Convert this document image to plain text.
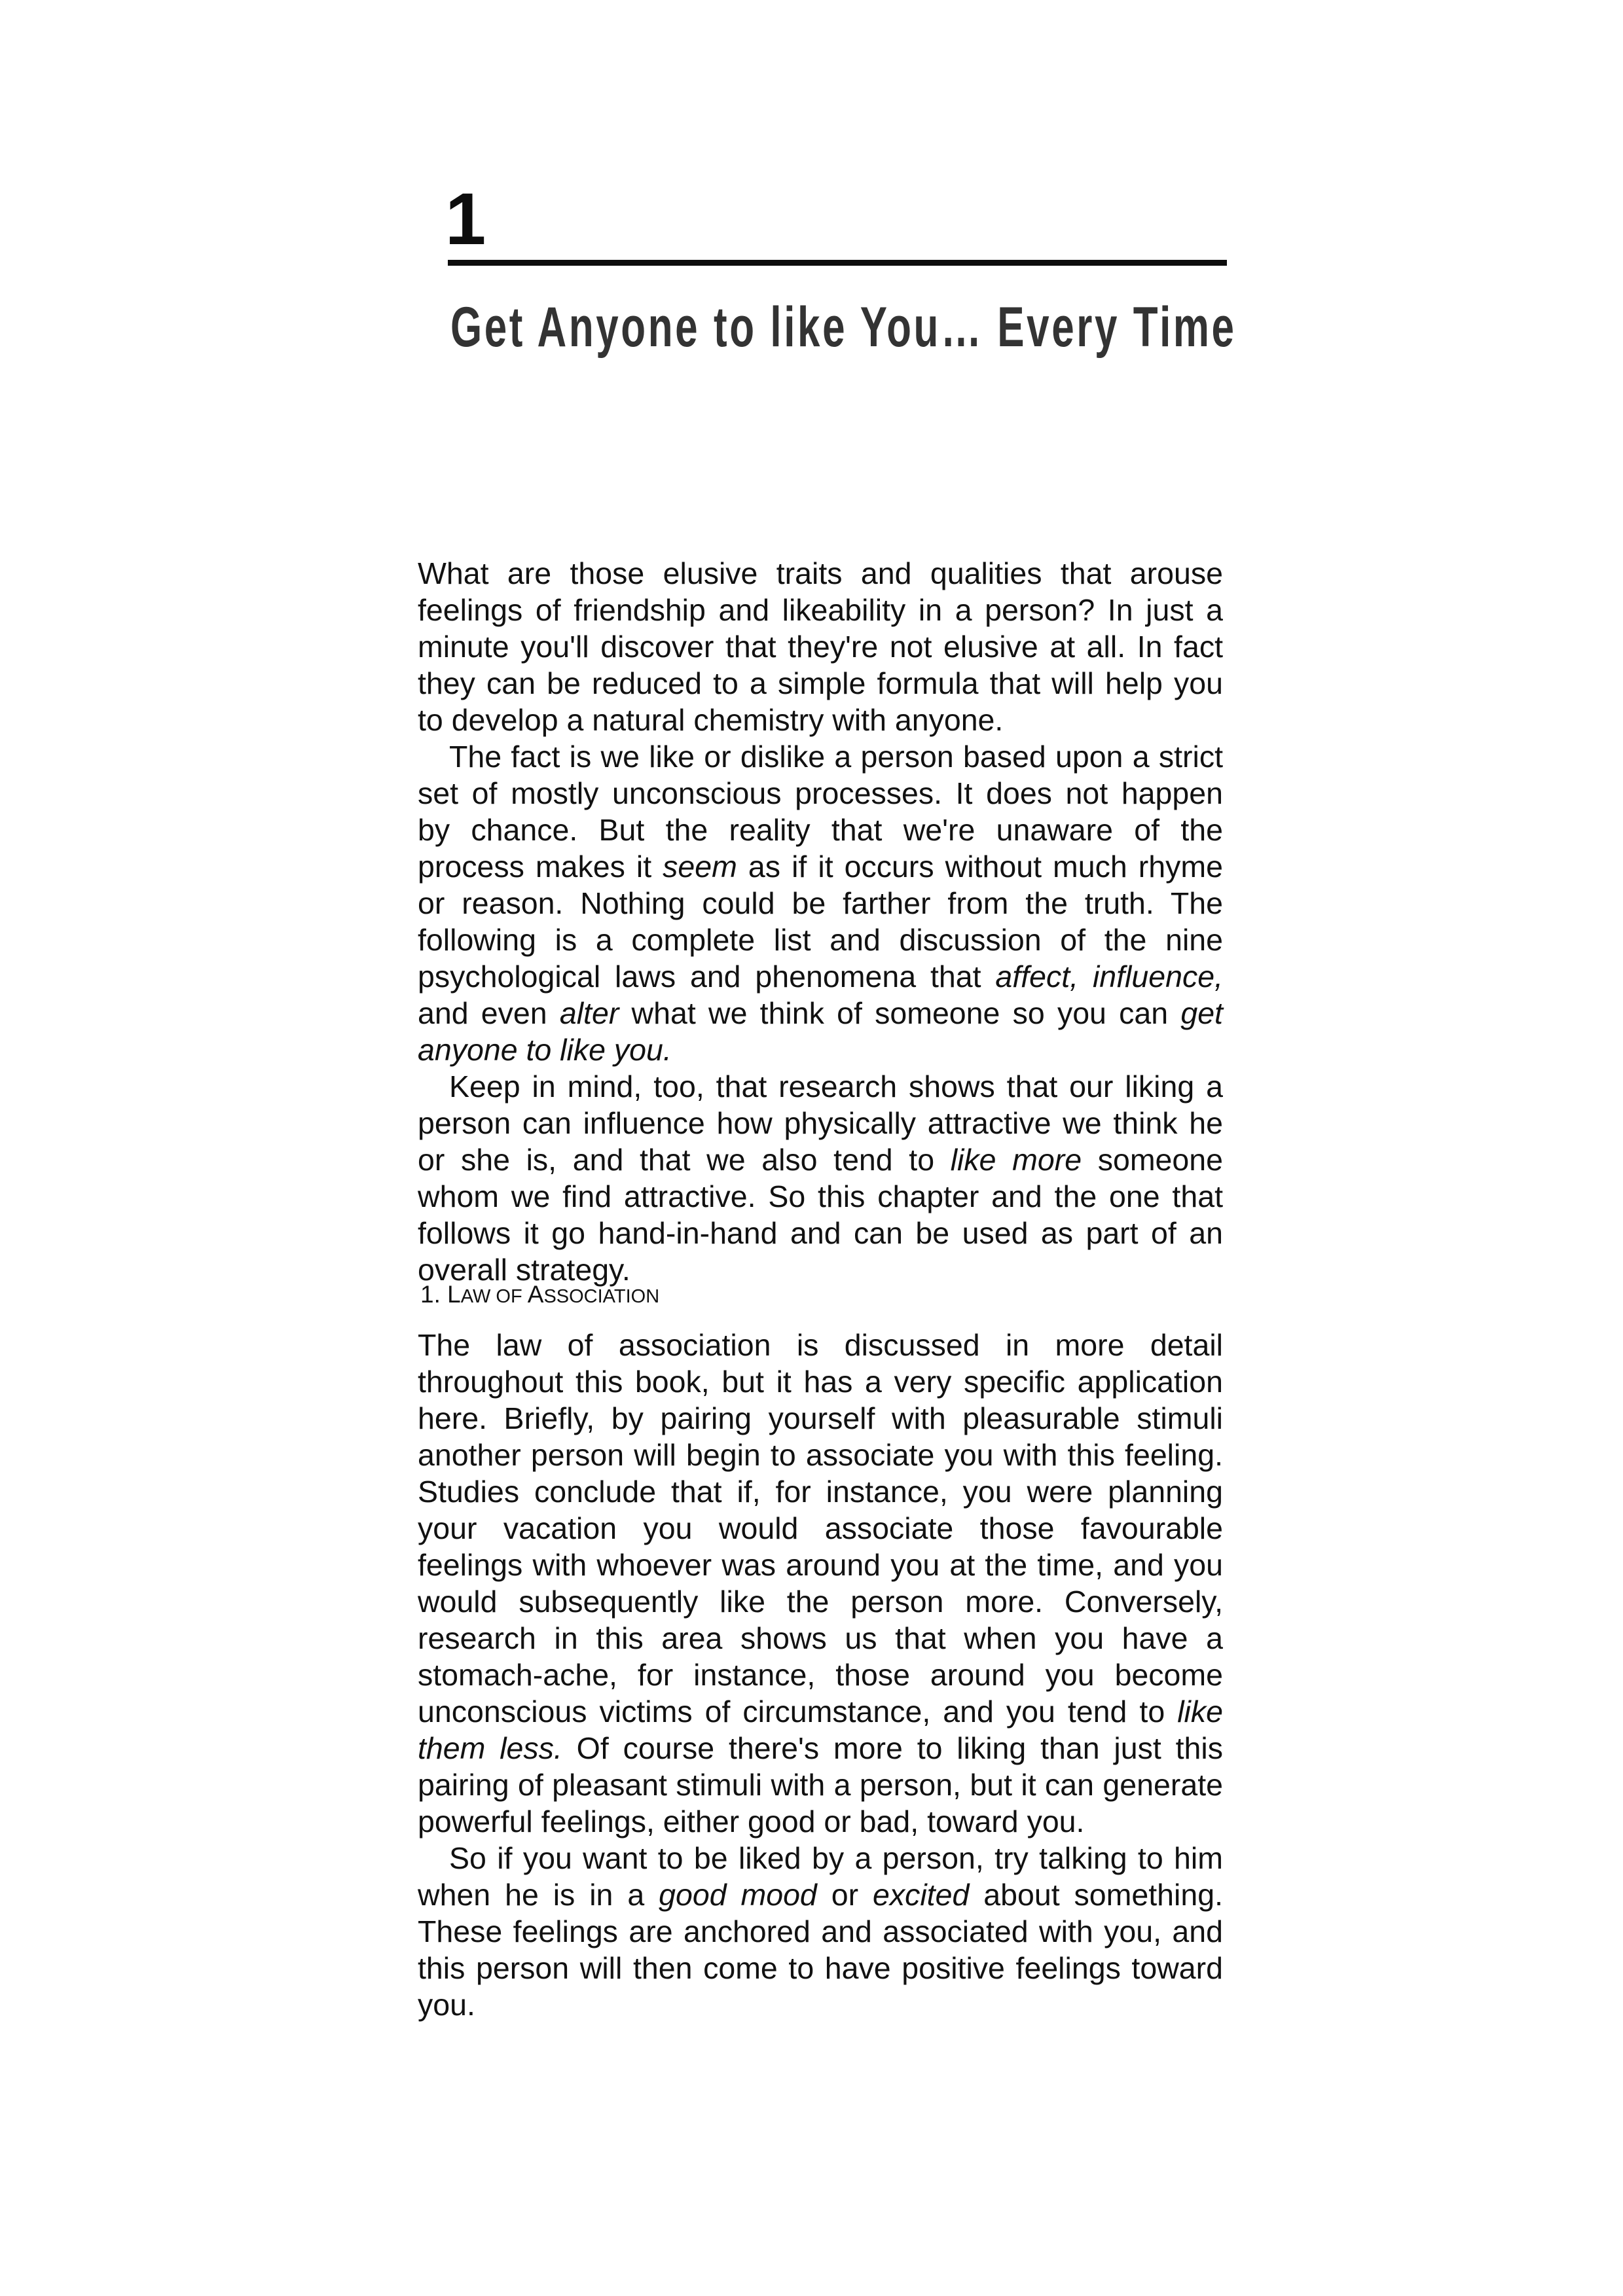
1
Get Anyone to like You… Every Time

What are those elusive traits and qualities that arouse feelings of friendship and likeability in a person? In just a minute you'll discover that they're not elusive at all. In fact they can be reduced to a simple formula that will help you to develop a natural chemistry with anyone.

The fact is we like or dislike a person based upon a strict set of mostly unconscious processes. It does not happen by chance. But the reality that we're unaware of the process makes it seem as if it occurs without much rhyme or reason. Nothing could be farther from the truth. The following is a complete list and discussion of the nine psychological laws and phenomena that affect, influence, and even alter what we think of someone so you can get anyone to like you.

Keep in mind, too, that research shows that our liking a person can influence how physically attractive we think he or she is, and that we also tend to like more someone whom we find attractive. So this chapter and the one that follows it go hand-in-hand and can be used as part of an overall strategy.

1. LAW OF ASSOCIATION

The law of association is discussed in more detail throughout this book, but it has a very specific application here. Briefly, by pairing yourself with pleasurable stimuli another person will begin to associate you with this feeling. Studies conclude that if, for instance, you were planning your vacation you would associate those favourable feelings with whoever was around you at the time, and you would subsequently like the person more. Conversely, research in this area shows us that when you have a stomach-ache, for instance, those around you become unconscious victims of circumstance, and you tend to like them less. Of course there's more to liking than just this pairing of pleasant stimuli with a person, but it can generate powerful feelings, either good or bad, toward you.

So if you want to be liked by a person, try talking to him when he is in a good mood or excited about something. These feelings are anchored and associated with you, and this person will then come to have positive feelings toward you.
